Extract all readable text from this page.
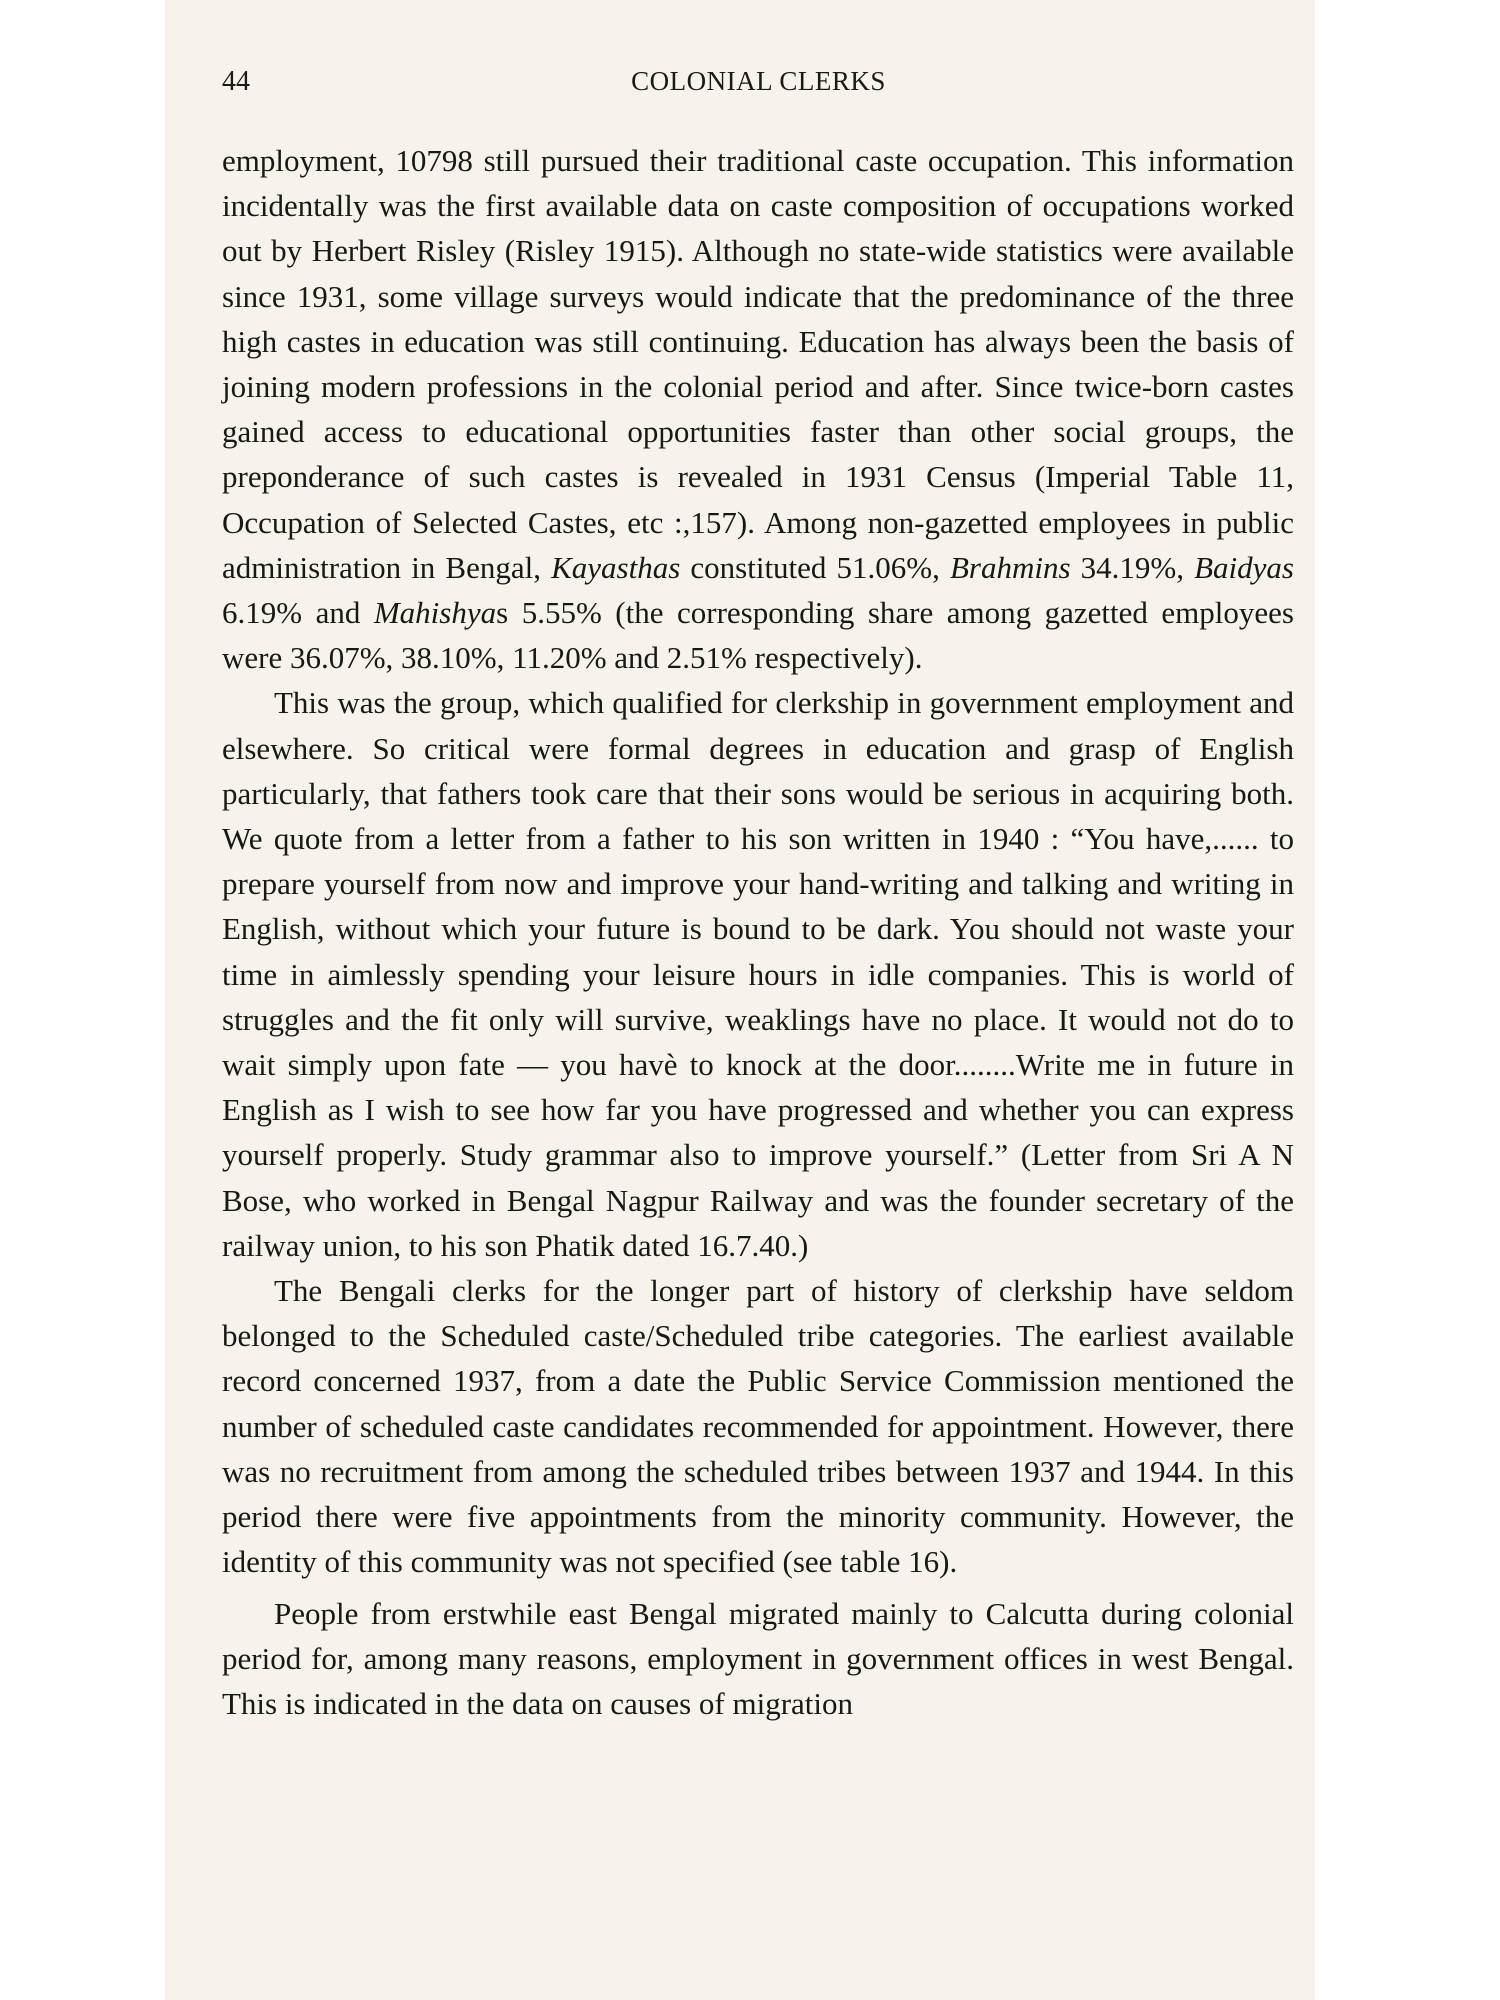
44	COLONIAL CLERKS

employment, 10798 still pursued their traditional caste occupation. This information incidentally was the first available data on caste composition of occupations worked out by Herbert Risley (Risley 1915). Although no state-wide statistics were available since 1931, some village surveys would indicate that the predominance of the three high castes in education was still continuing. Education has always been the basis of joining modern professions in the colonial period and after. Since twice-born castes gained access to educational opportunities faster than other social groups, the preponderance of such castes is revealed in 1931 Census (Imperial Table 11, Occupation of Selected Castes, etc :,157). Among non-gazetted employees in public administration in Bengal, Kayasthas constituted 51.06%, Brahmins 34.19%, Baidyas 6.19% and Mahishyas 5.55% (the corresponding share among gazetted employees were 36.07%, 38.10%, 11.20% and 2.51% respectively).

This was the group, which qualified for clerkship in government employment and elsewhere. So critical were formal degrees in education and grasp of English particularly, that fathers took care that their sons would be serious in acquiring both. We quote from a letter from a father to his son written in 1940 : “You have,...... to prepare yourself from now and improve your hand-writing and talking and writing in English, without which your future is bound to be dark. You should not waste your time in aimlessly spending your leisure hours in idle companies. This is world of struggles and the fit only will survive, weaklings have no place. It would not do to wait simply upon fate — you havè to knock at the door........Write me in future in English as I wish to see how far you have progressed and whether you can express yourself properly. Study grammar also to improve yourself.” (Letter from Sri A N Bose, who worked in Bengal Nagpur Railway and was the founder secretary of the railway union, to his son Phatik dated 16.7.40.)

The Bengali clerks for the longer part of history of clerkship have seldom belonged to the Scheduled caste/Scheduled tribe categories. The earliest available record concerned 1937, from a date the Public Service Commission mentioned the number of scheduled caste candidates recommended for appointment. However, there was no recruitment from among the scheduled tribes between 1937 and 1944. In this period there were five appointments from the minority community. However, the identity of this community was not specified (see table 16).

People from erstwhile east Bengal migrated mainly to Calcutta during colonial period for, among many reasons, employment in government offices in west Bengal. This is indicated in the data on causes of migration
